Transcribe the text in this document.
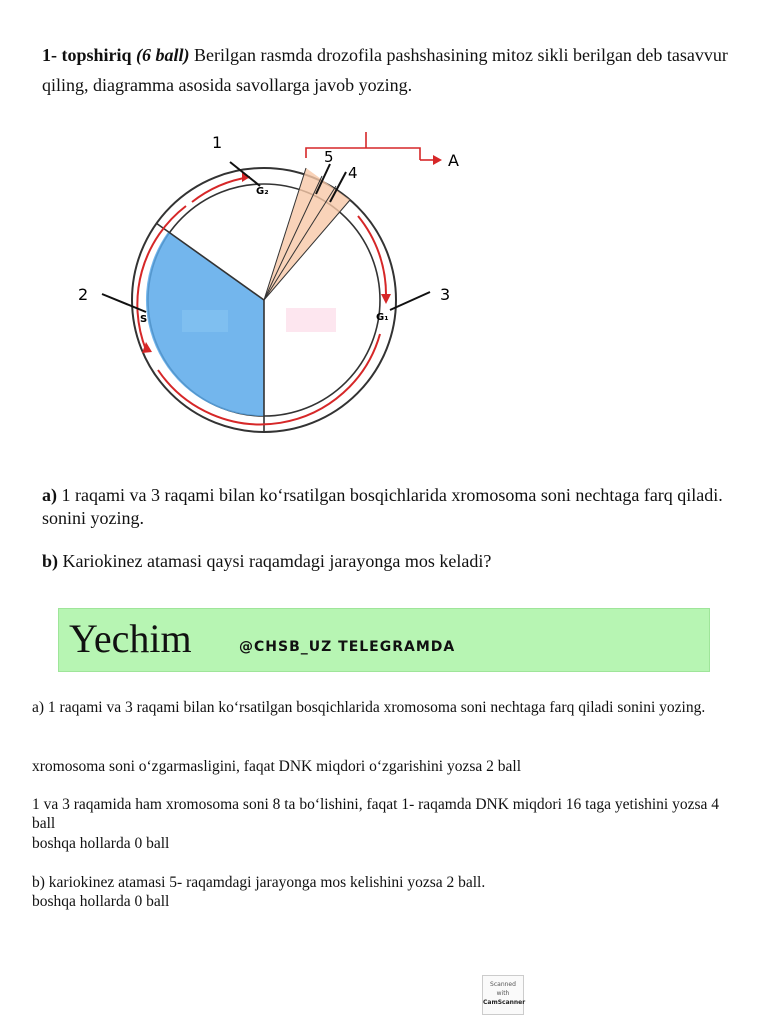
1- topshiriq (6 ball) Berilgan rasmda drozofila pashshasining mitoz sikli berilgan deb tasavvur qiling, diagramma asosida savollarga javob yozing.
G₂
S	G₁
1
2	3
4
5	A
a) 1 raqami va 3 raqami bilan ko‘rsatilgan bosqichlarida xromosoma soni nechtaga farq qiladi. sonini yozing.
b) Kariokinez atamasi qaysi raqamdagi jarayonga mos keladi?
Yechim	@CHSB_UZ TELEGRAMDA
a) 1 raqami va 3 raqami bilan ko‘rsatilgan bosqichlarida xromosoma soni nechtaga farq qiladi sonini yozing.
xromosoma soni o‘zgarmasligini, faqat DNK miqdori o‘zgarishini yozsa 2 ball
1 va 3 raqamida ham xromosoma soni 8 ta bo‘lishini, faqat 1- raqamda DNK miqdori 16 taga yetishini yozsa 4 ball
boshqa hollarda 0 ball
b) kariokinez atamasi 5- raqamdagi jarayonga mos kelishini yozsa 2 ball.
boshqa hollarda 0 ball
Scanned with
CamScanner
